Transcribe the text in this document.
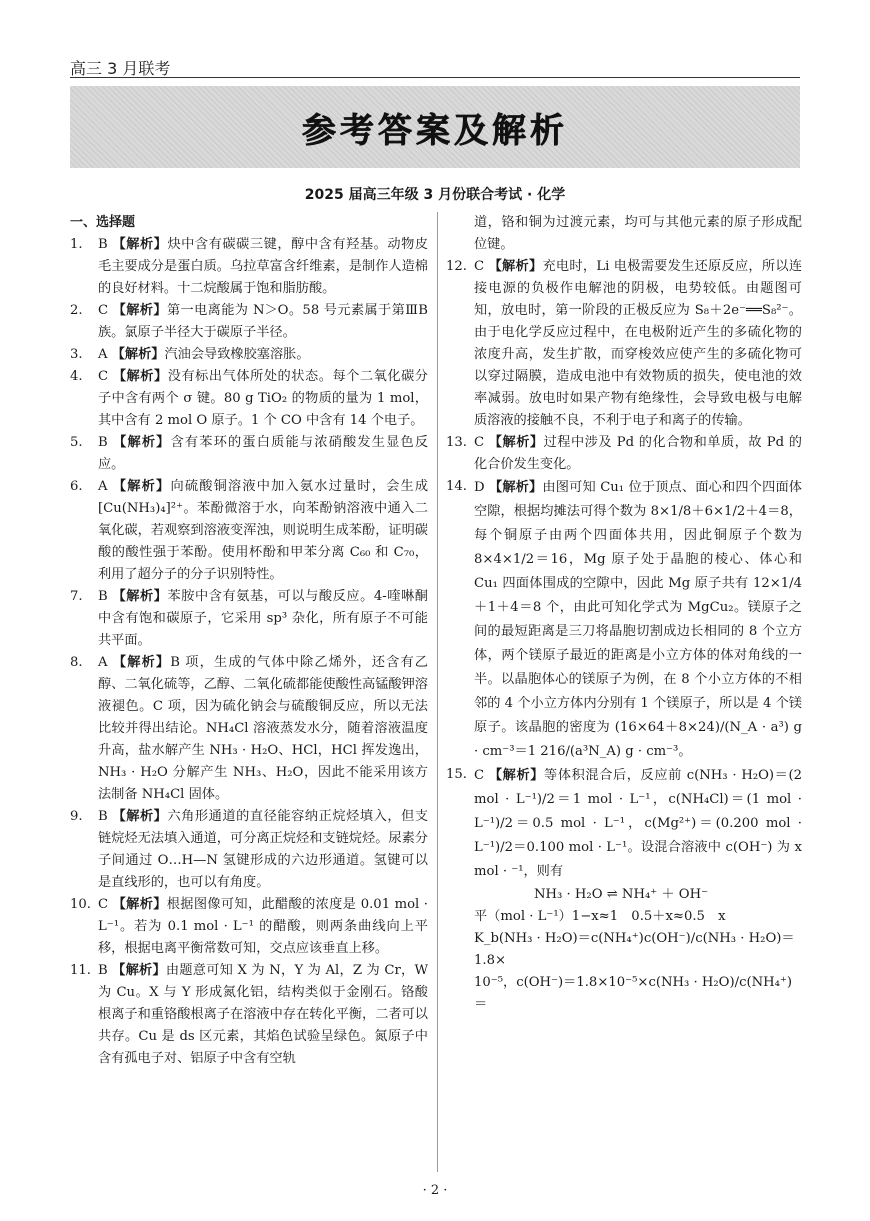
高三 3 月联考
参考答案及解析
2025 届高三年级 3 月份联合考试 · 化学

一、选择题

1.	B 【解析】炔中含有碳碳三键，醇中含有羟基。动物皮毛主要成分是蛋白质。乌拉草富含纤维素，是制作人造棉的良好材料。十二烷酸属于饱和脂肪酸。
2.	C 【解析】第一电离能为 N＞O。58 号元素属于第ⅢB族。氯原子半径大于碳原子半径。
3.	A 【解析】汽油会导致橡胶塞溶胀。
4.	C 【解析】没有标出气体所处的状态。每个二氧化碳分子中含有两个 σ 键。80 g TiO₂ 的物质的量为 1 mol，其中含有 2 mol O 原子。1 个 CO 中含有 14 个电子。
5.	B 【解析】含有苯环的蛋白质能与浓硝酸发生显色反应。
6.	A 【解析】向硫酸铜溶液中加入氨水过量时，会生成[Cu(NH₃)₄]²⁺。苯酚微溶于水，向苯酚钠溶液中通入二氧化碳，若观察到溶液变浑浊，则说明生成苯酚，证明碳酸的酸性强于苯酚。使用杯酚和甲苯分离 C₆₀ 和 C₇₀，利用了超分子的分子识别特性。
7.	B 【解析】苯胺中含有氨基，可以与酸反应。4-喹啉酮中含有饱和碳原子，它采用 sp³ 杂化，所有原子不可能共平面。
8.	A 【解析】B 项，生成的气体中除乙烯外，还含有乙醇、二氧化硫等，乙醇、二氧化硫都能使酸性高锰酸钾溶液褪色。C 项，因为硫化钠会与硫酸铜反应，所以无法比较并得出结论。NH₄Cl 溶液蒸发水分，随着溶液温度升高，盐水解产生 NH₃ · H₂O、HCl，HCl 挥发逸出，NH₃ · H₂O 分解产生 NH₃、H₂O，因此不能采用该方法制备 NH₄Cl 固体。
9.	B 【解析】六角形通道的直径能容纳正烷烃填入，但支链烷烃无法填入通道，可分离正烷烃和支链烷烃。尿素分子间通过 O…H—N 氢键形成的六边形通道。氢键可以是直线形的，也可以有角度。
10. C 【解析】根据图像可知，此醋酸的浓度是 0.01 mol · L⁻¹。若为 0.1 mol · L⁻¹ 的醋酸，则两条曲线向上平移，根据电离平衡常数可知，交点应该垂直上移。
11. B 【解析】由题意可知 X 为 N，Y 为 Al，Z 为 Cr，W 为 Cu。X 与 Y 形成氮化铝，结构类似于金刚石。铬酸根离子和重铬酸根离子在溶液中存在转化平衡，二者可以共存。Cu 是 ds 区元素，其焰色试验呈绿色。氮原子中含有孤电子对、铝原子中含有空轨

道，铬和铜为过渡元素，均可与其他元素的原子形成配位键。

12. C 【解析】充电时，Li 电极需要发生还原反应，所以连接电源的负极作电解池的阴极，电势较低。由题图可知，放电时，第一阶段的正极反应为 S₈＋2e⁻══S₈²⁻。由于电化学反应过程中，在电极附近产生的多硫化物的浓度升高，发生扩散，而穿梭效应使产生的多硫化物可以穿过隔膜，造成电池中有效物质的损失，使电池的效率减弱。放电时如果产物有绝缘性，会导致电极与电解质溶液的接触不良，不利于电子和离子的传输。
13. C 【解析】过程中涉及 Pd 的化合物和单质，故 Pd 的化合价发生变化。
14. D 【解析】由图可知 Cu₁ 位于顶点、面心和四个四面体空隙，根据均摊法可得个数为 8×1/8＋6×1/2＋4＝8，每个铜原子由两个四面体共用，因此铜原子个数为 8×4×1/2＝16，Mg 原子处于晶胞的棱心、体心和 Cu₁ 四面体围成的空隙中，因此 Mg 原子共有 12×1/4＋1＋4＝8 个，由此可知化学式为 MgCu₂。镁原子之间的最短距离是三刀将晶胞切割成边长相同的 8 个立方体，两个镁原子最近的距离是小立方体的体对角线的一半。以晶胞体心的镁原子为例，在 8 个小立方体的不相邻的 4 个小立方体内分别有 1 个镁原子，所以是 4 个镁原子。该晶胞的密度为 (16×64＋8×24)/(N_A · a³) g · cm⁻³＝1 216/(a³N_A) g · cm⁻³。
15. C 【解析】等体积混合后，反应前 c(NH₃ · H₂O)＝(2 mol · L⁻¹)/2＝1 mol · L⁻¹，c(NH₄Cl)＝(1 mol · L⁻¹)/2＝0.5 mol · L⁻¹，c(Mg²⁺)＝(0.200 mol · L⁻¹)/2＝0.100 mol · L⁻¹。设混合溶液中 c(OH⁻) 为 x mol · ⁻¹，则有

NH₃ · H₂O ⇌ NH₄⁺ ＋ OH⁻

平（mol · L⁻¹）1−x≈1　0.5＋x≈0.5　x

K_b(NH₃ · H₂O)＝c(NH₄⁺)c(OH⁻)/c(NH₃ · H₂O)＝1.8×

10⁻⁵，c(OH⁻)＝1.8×10⁻⁵×c(NH₃ · H₂O)/c(NH₄⁺)＝

· 2 ·
